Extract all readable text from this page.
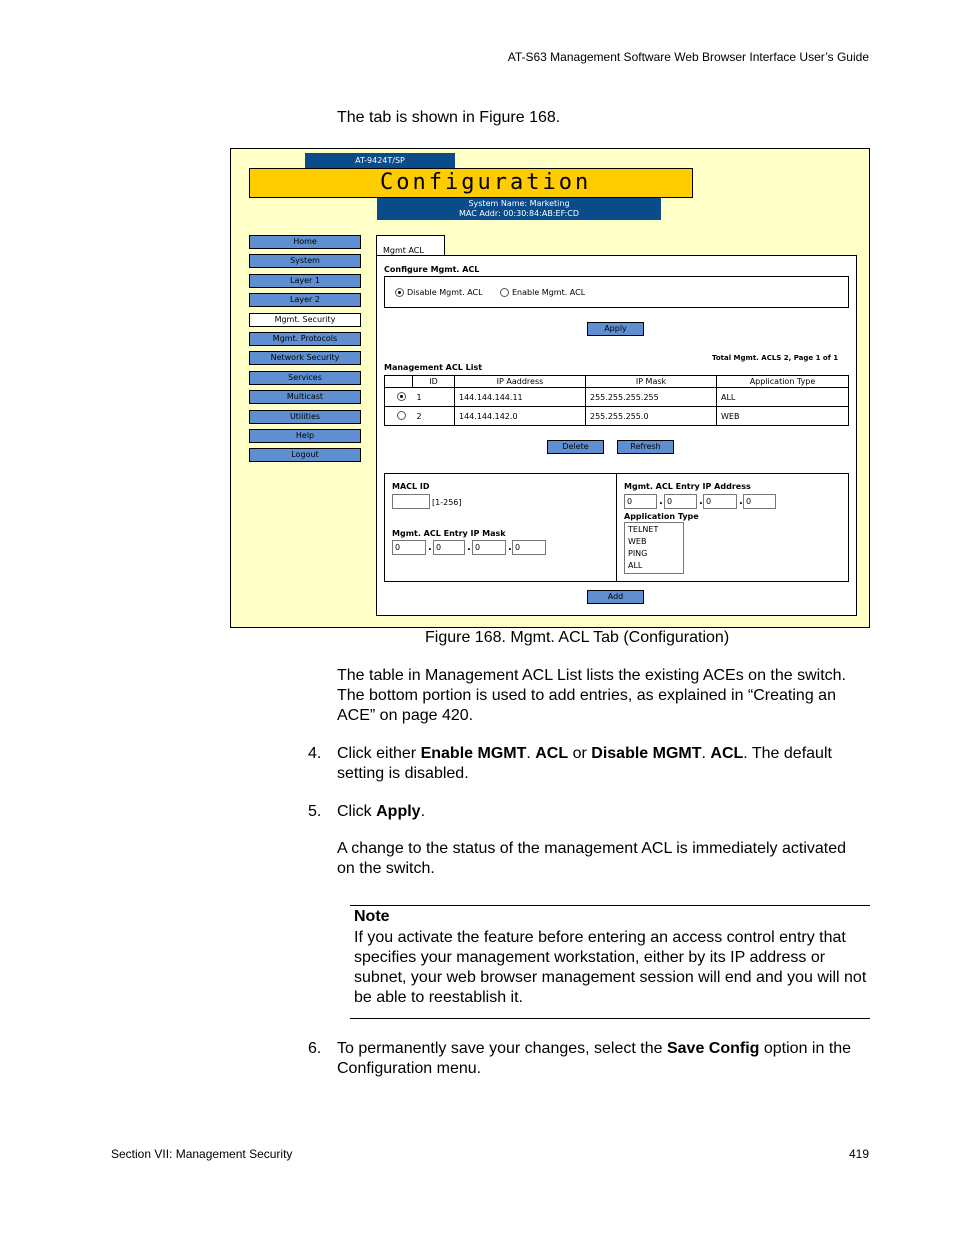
AT-S63 Management Software Web Browser Interface User’s Guide
The tab is shown in Figure 168.
AT-9424T/SP
Configuration
System Name: Marketing
MAC Addr: 00:30:84:AB:EF:CD
Home
System
Layer 1
Layer 2
Mgmt. Security
Mgmt. Protocols
Network Security
Services
Multicast
Utilities
Help
Logout
Mgmt ACL
Configure Mgmt. ACL
Disable Mgmt. ACL	Enable Mgmt. ACL
Apply
Total Mgmt. ACLS 2, Page 1 of 1
Management ACL List
	ID	IP Aaddress	IP Mask	Application Type
	1	144.144.144.11	255.255.255.255	ALL
	2	144.144.142.0	255.255.255.0	WEB
Delete	Refresh
MACL ID
[1-256]
Mgmt. ACL Entry IP Mask
0	. 0	. 0	. 0
Mgmt. ACL Entry IP Address
0	. 0	. 0	. 0
Application Type
TELNET
WEB
PING
ALL
Add
Figure 168. Mgmt. ACL Tab (Configuration)
The table in Management ACL List lists the existing ACEs on the switch. The bottom portion is used to add entries, as explained in “Creating an ACE” on page 420.
4. Click either Enable MGMT. ACL or Disable MGMT. ACL. The default setting is disabled.
5. Click Apply.
A change to the status of the management ACL is immediately activated on the switch.
Note
If you activate the feature before entering an access control entry that specifies your management workstation, either by its IP address or subnet, your web browser management session will end and you will not be able to reestablish it.
6. To permanently save your changes, select the Save Config option in the Configuration menu.
Section VII: Management Security	419
